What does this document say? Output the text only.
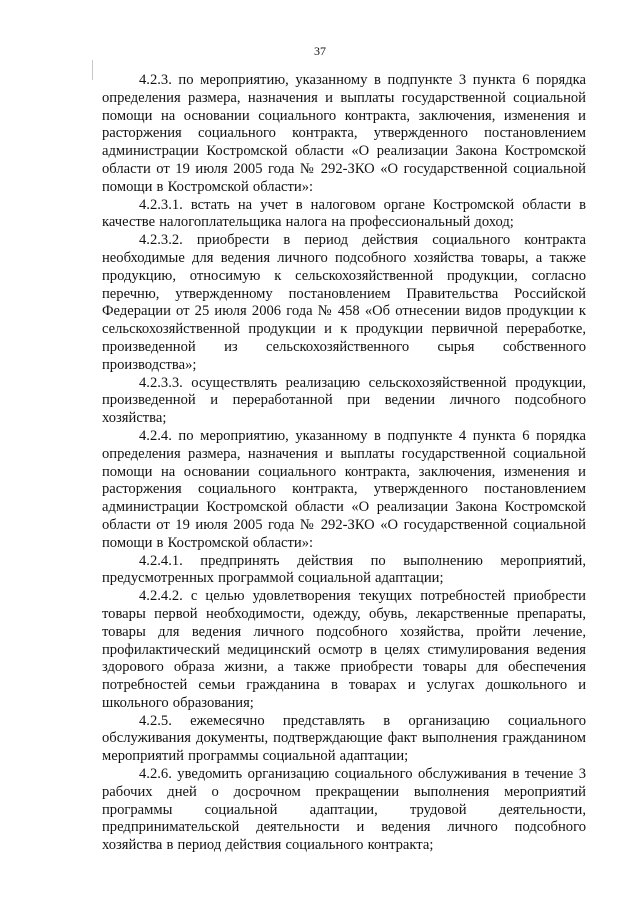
37

4.2.3. по мероприятию, указанному в подпункте 3 пункта 6 порядка определения размера, назначения и выплаты государственной социальной помощи на основании социального контракта, заключения, изменения и расторжения социального контракта, утвержденного постановлением администрации Костромской области «О реализации Закона Костромской области от 19 июля 2005 года № 292-ЗКО «О государственной социальной помощи в Костромской области»:

4.2.3.1. встать на учет в налоговом органе Костромской области в качестве налогоплательщика налога на профессиональный доход;

4.2.3.2. приобрести в период действия социального контракта необходимые для ведения личного подсобного хозяйства товары, а также продукцию, относимую к сельскохозяйственной продукции, согласно перечню, утвержденному постановлением Правительства Российской Федерации от 25 июля 2006 года № 458 «Об отнесении видов продукции к сельскохозяйственной продукции и к продукции первичной переработке, произведенной из сельскохозяйственного сырья собственного производства»;

4.2.3.3. осуществлять реализацию сельскохозяйственной продукции, произведенной и переработанной при ведении личного подсобного хозяйства;

4.2.4. по мероприятию, указанному в подпункте 4 пункта 6 порядка определения размера, назначения и выплаты государственной социальной помощи на основании социального контракта, заключения, изменения и расторжения социального контракта, утвержденного постановлением администрации Костромской области «О реализации Закона Костромской области от 19 июля 2005 года № 292-ЗКО «О государственной социальной помощи в Костромской области»:

4.2.4.1. предпринять действия по выполнению мероприятий, предусмотренных программой социальной адаптации;

4.2.4.2. с целью удовлетворения текущих потребностей приобрести товары первой необходимости, одежду, обувь, лекарственные препараты, товары для ведения личного подсобного хозяйства, пройти лечение, профилактический медицинский осмотр в целях стимулирования ведения здорового образа жизни, а также приобрести товары для обеспечения потребностей семьи гражданина в товарах и услугах дошкольного и школьного образования;

4.2.5. ежемесячно представлять в организацию социального обслуживания документы, подтверждающие факт выполнения гражданином мероприятий программы социальной адаптации;

4.2.6. уведомить организацию социального обслуживания в течение 3 рабочих дней о досрочном прекращении выполнения мероприятий программы социальной адаптации, трудовой деятельности, предпринимательской деятельности и ведения личного подсобного хозяйства в период действия социального контракта;
